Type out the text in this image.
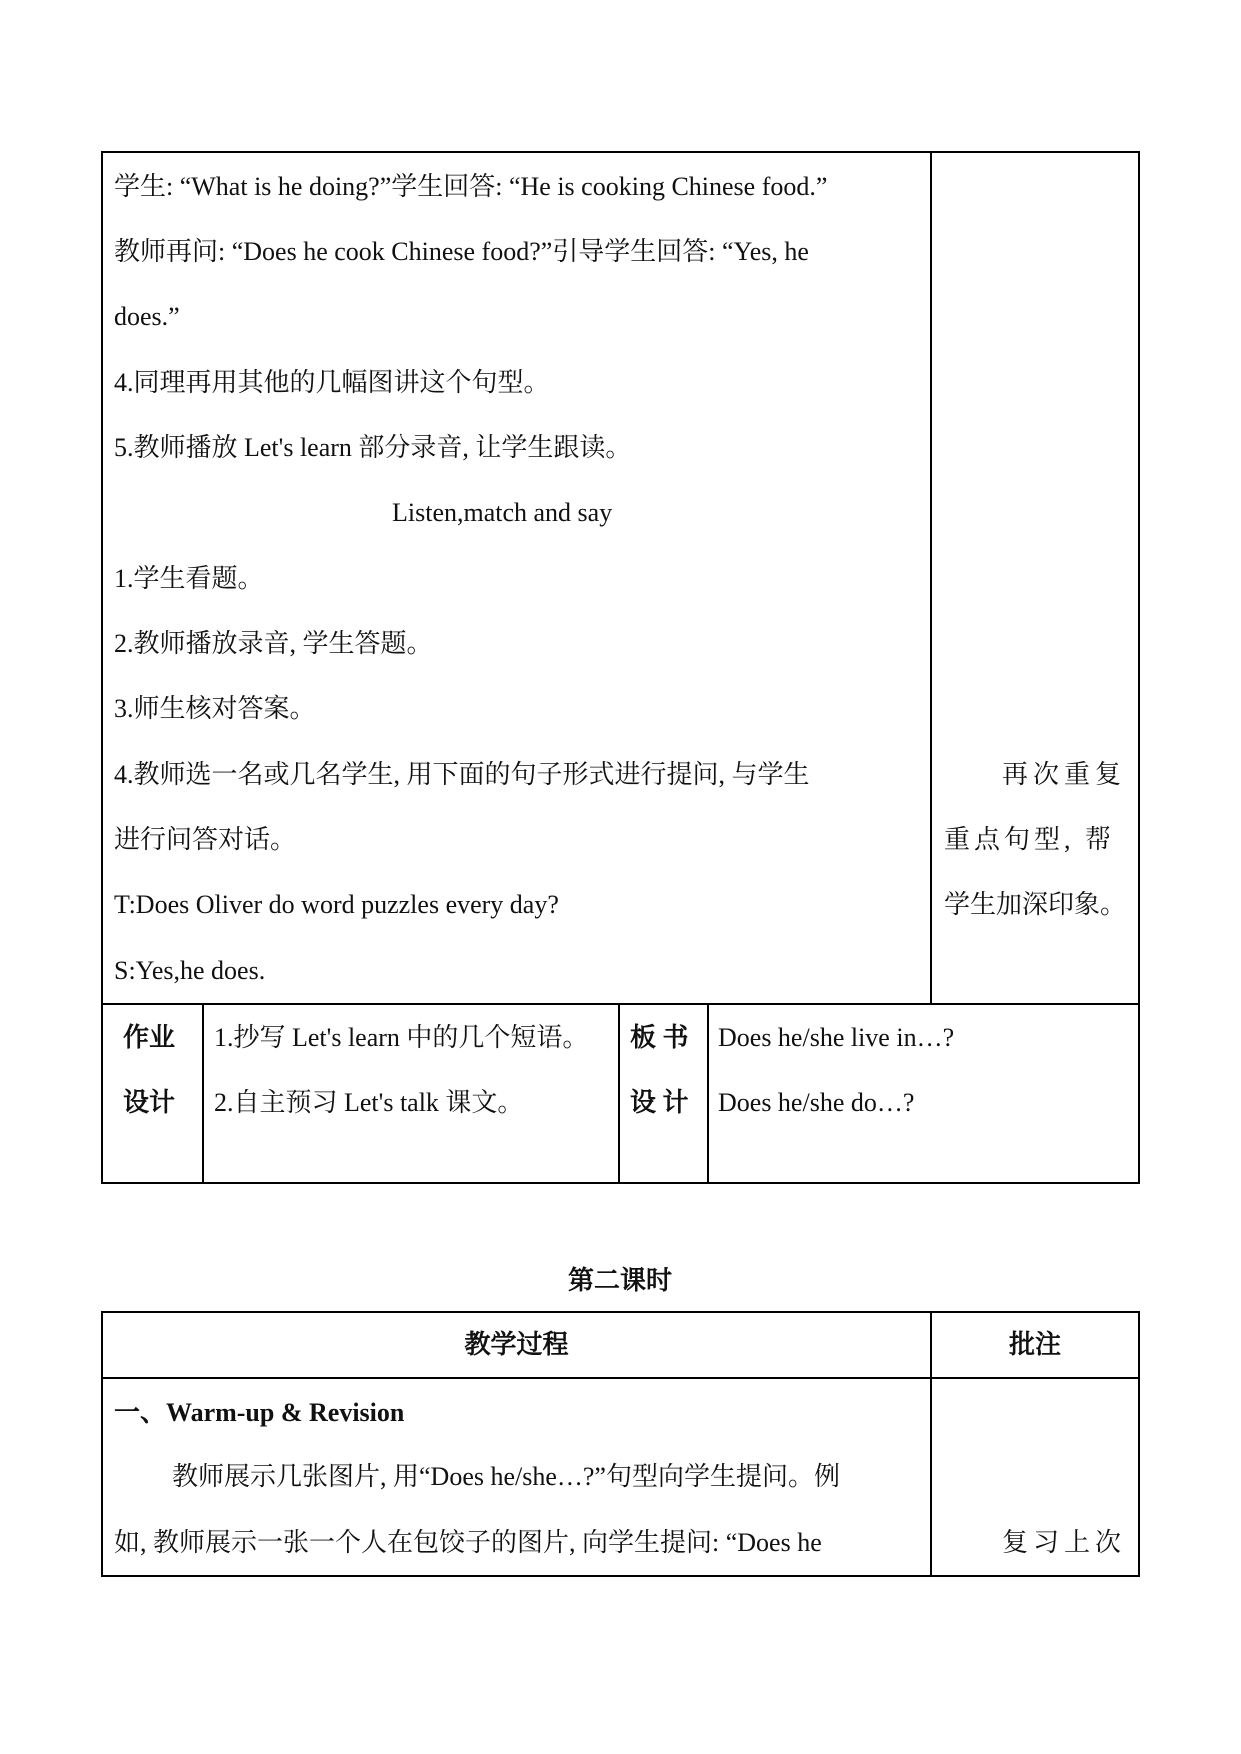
学生: “What is he doing?”学生回答: “He is cooking Chinese food.”
教师再问: “Does he cook Chinese food?”引导学生回答: “Yes, he
does.”
4.同理再用其他的几幅图讲这个句型。
5.教师播放 Let's learn 部分录音, 让学生跟读。
Listen,match and say
1.学生看题。
2.教师播放录音, 学生答题。
3.师生核对答案。
4.教师选一名或几名学生, 用下面的句子形式进行提问, 与学生
进行问答对话。
T:Does Oliver do word puzzles every day?
S:Yes,he does.
再次重复
重点句型, 帮
学生加深印象。
作业
设计
1.抄写 Let's learn 中的几个短语。
2.自主预习 Let's talk 课文。
板 书
设 计
Does he/she live in…?
Does he/she do…?
第二课时
教学过程	批注
一、Warm-up & Revision
教师展示几张图片, 用“Does he/she…?”句型向学生提问。例
如, 教师展示一张一个人在包饺子的图片, 向学生提问: “Does he	复习上次
